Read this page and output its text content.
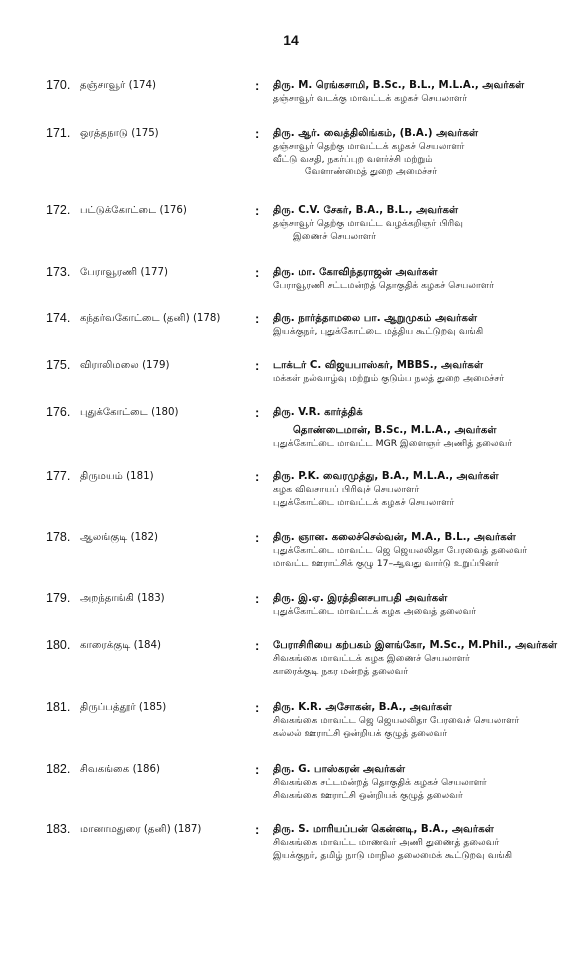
14
170. தஞ்சாவூர் (174)	: திரு. M. ரெங்கசாமி, B.Sc., B.L., M.L.A., அவர்கள்
தஞ்சாவூர் வடக்கு மாவட்டக் கழகச் செயலாளர்
171. ஒரத்தநாடு (175)	: திரு. ஆர். வைத்திலிங்கம், (B.A.) அவர்கள்
தஞ்சாவூர் தெற்கு மாவட்டக் கழகச் செயலாளர்
வீட்டு வசதி, நகர்ப்புற வளர்ச்சி மற்றும்
வேளாண்மைத் துறை அமைச்சர்
172. பட்டுக்கோட்டை (176)	: திரு. C.V. சேகர், B.A., B.L., அவர்கள்
தஞ்சாவூர் தெற்கு மாவட்ட வழக்கறிஞர் பிரிவு
இணைச் செயலாளர்
173. பேராவூரணி (177)	: திரு. மா. கோவிந்தராஜன் அவர்கள்
பேராவூரணி சட்டமன்றத் தொகுதிக் கழகச் செயலாளர்
174. கந்தர்வகோட்டை (தனி) (178)	: திரு. நார்த்தாமலை பா. ஆறுமுகம் அவர்கள்
இயக்குநர், புதுக்கோட்டை மத்திய கூட்டுறவு வங்கி
175. விராலிமலை (179)	: டாக்டர் C. விஜயபாஸ்கர், MBBS., அவர்கள்
மக்கள் நல்வாழ்வு மற்றும் குடும்ப நலத் துறை அமைச்சர்
176. புதுக்கோட்டை (180)	: திரு. V.R. கார்த்திக்
தொண்டைமான், B.Sc., M.L.A., அவர்கள்
புதுக்கோட்டை மாவட்ட MGR இளைஞர் அணித் தலைவர்
177. திருமயம் (181)	: திரு. P.K. வைரமுத்து, B.A., M.L.A., அவர்கள்
கழக விவசாயப் பிரிவுச் செயலாளர்
புதுக்கோட்டை மாவட்டக் கழகச் செயலாளர்
178. ஆலங்குடி (182)	: திரு. ஞான. கலைச்செல்வன், M.A., B.L., அவர்கள்
புதுக்கோட்டை மாவட்ட ஜெ ஜெயலலிதா பேரவைத் தலைவர்
மாவட்ட ஊராட்சிக் குழு 17–ஆவது வார்டு உறுப்பினர்
179. அறந்தாங்கி (183)	: திரு. இ.ஏ. இரத்தினசபாபதி அவர்கள்
புதுக்கோட்டை மாவட்டக் கழக அவைத் தலைவர்
180. காரைக்குடி (184)	: பேராசிரியை கற்பகம் இளங்கோ, M.Sc., M.Phil., அவர்கள்
சிவகங்கை மாவட்டக் கழக இணைச் செயலாளர்
காரைக்குடி நகர மன்றத் தலைவர்
181. திருப்பத்தூர் (185)	: திரு. K.R. அசோகன், B.A., அவர்கள்
சிவகங்கை மாவட்ட ஜெ ஜெயலலிதா பேரவைச் செயலாளர்
கல்லல் ஊராட்சி ஒன்றியக் குழுத் தலைவர்
182. சிவகங்கை (186)	: திரு. G. பாஸ்கரன் அவர்கள்
சிவகங்கை சட்டமன்றத் தொகுதிக் கழகச் செயலாளர்
சிவகங்கை ஊராட்சி ஒன்றியக் குழுத் தலைவர்
183. மானாமதுரை (தனி) (187)	: திரு. S. மாரியப்பன் கென்னடி, B.A., அவர்கள்
சிவகங்கை மாவட்ட மாணவர் அணி துணைத் தலைவர்
இயக்குநர், தமிழ் நாடு மாநில தலைமைக் கூட்டுறவு வங்கி
